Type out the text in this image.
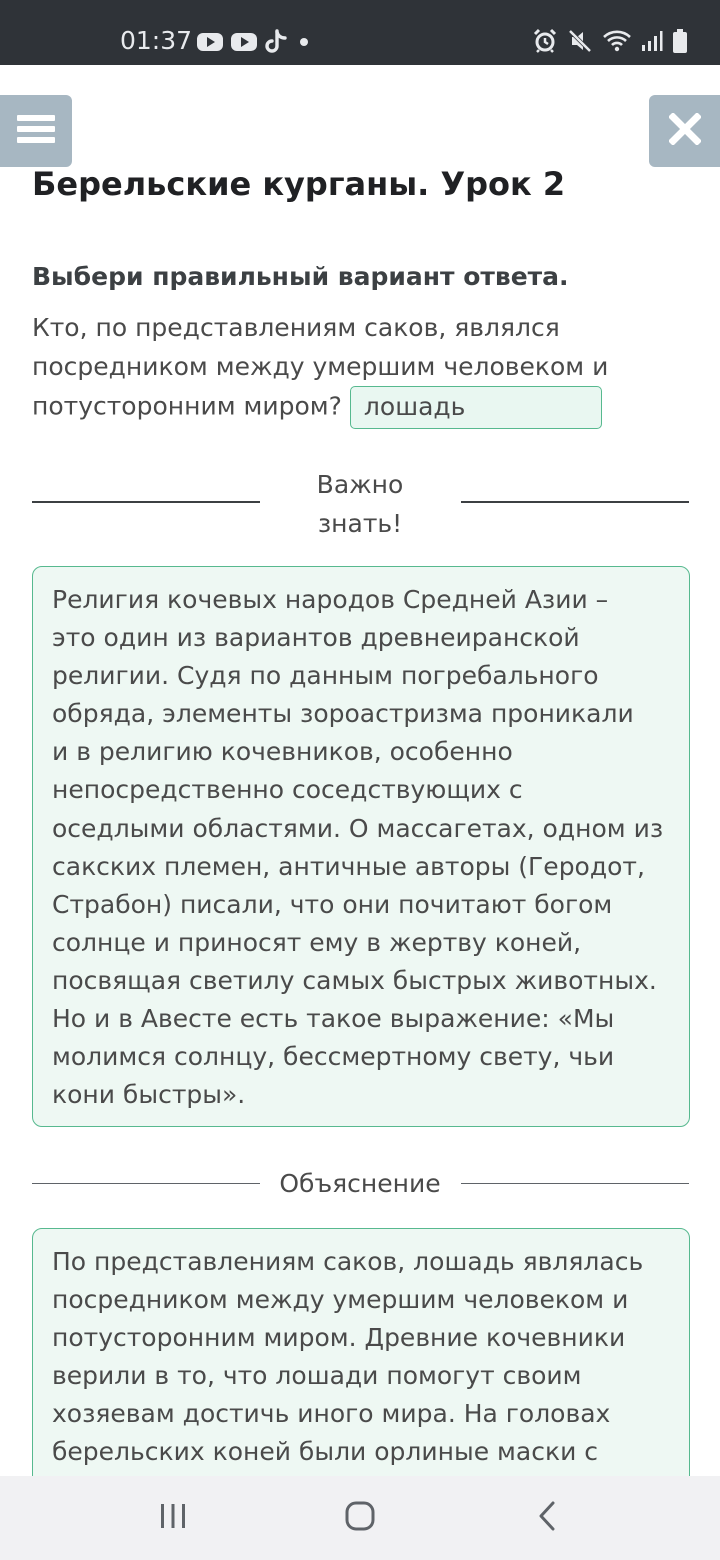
01:37
Берельские курганы. Урок 2
Выбери правильный вариант ответа.
Кто, по представлениям саков, являлся
посредником между умершим человеком и
потусторонним миром? лошадь
Важно
знать!
Религия кочевых народов Средней Азии –
это один из вариантов древнеиранской
религии. Судя по данным погребального
обряда, элементы зороастризма проникали
и в религию кочевников, особенно
непосредственно соседствующих с
оседлыми областями. О массагетах, одном из
сакских племен, античные авторы (Геродот,
Страбон) писали, что они почитают богом
солнце и приносят ему в жертву коней,
посвящая светилу самых быстрых животных.
Но и в Авесте есть такое выражение: «Мы
молимся солнцу, бессмертному свету, чьи
кони быстры».
Объяснение
По представлениям саков, лошадь являлась
посредником между умершим человеком и
потусторонним миром. Древние кочевники
верили в то, что лошади помогут своим
хозяевам достичь иного мира. На головах
берельских коней были орлиные маски с
